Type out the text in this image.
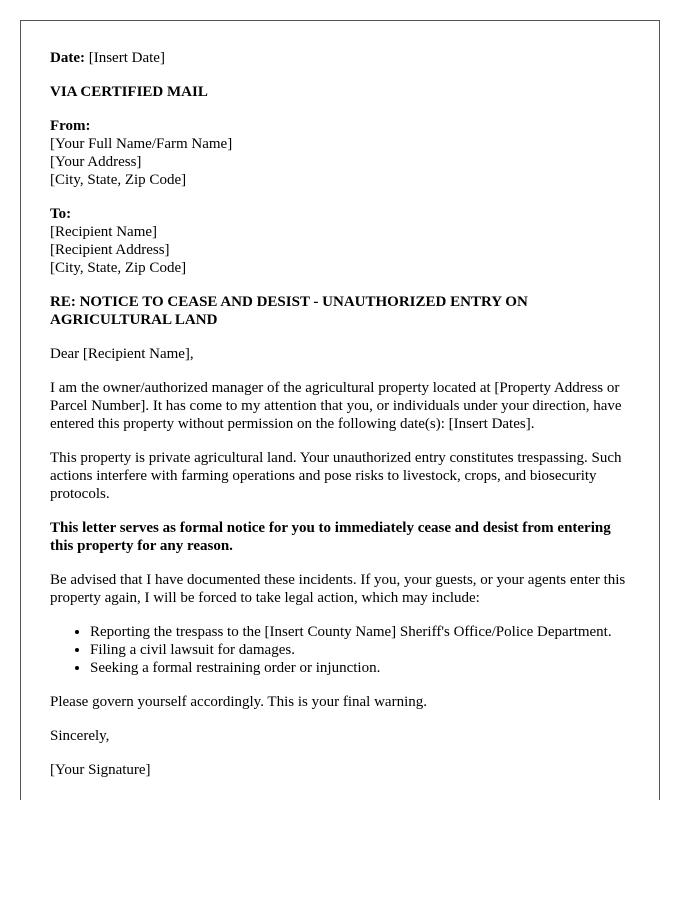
Date: [Insert Date]

VIA CERTIFIED MAIL

From:
[Your Full Name/Farm Name]
[Your Address]
[City, State, Zip Code]
To:
[Recipient Name]
[Recipient Address]
[City, State, Zip Code]

RE: NOTICE TO CEASE AND DESIST - UNAUTHORIZED ENTRY ON AGRICULTURAL LAND

Dear [Recipient Name],

I am the owner/authorized manager of the agricultural property located at [Property Address or Parcel Number]. It has come to my attention that you, or individuals under your direction, have entered this property without permission on the following date(s): [Insert Dates].

This property is private agricultural land. Your unauthorized entry constitutes trespassing. Such actions interfere with farming operations and pose risks to livestock, crops, and biosecurity protocols.

This letter serves as formal notice for you to immediately cease and desist from entering this property for any reason.

Be advised that I have documented these incidents. If you, your guests, or your agents enter this property again, I will be forced to take legal action, which may include:

• Reporting the trespass to the [Insert County Name] Sheriff's Office/Police Department.
• Filing a civil lawsuit for damages.
• Seeking a formal restraining order or injunction.

Please govern yourself accordingly. This is your final warning.

Sincerely,

[Your Signature]
